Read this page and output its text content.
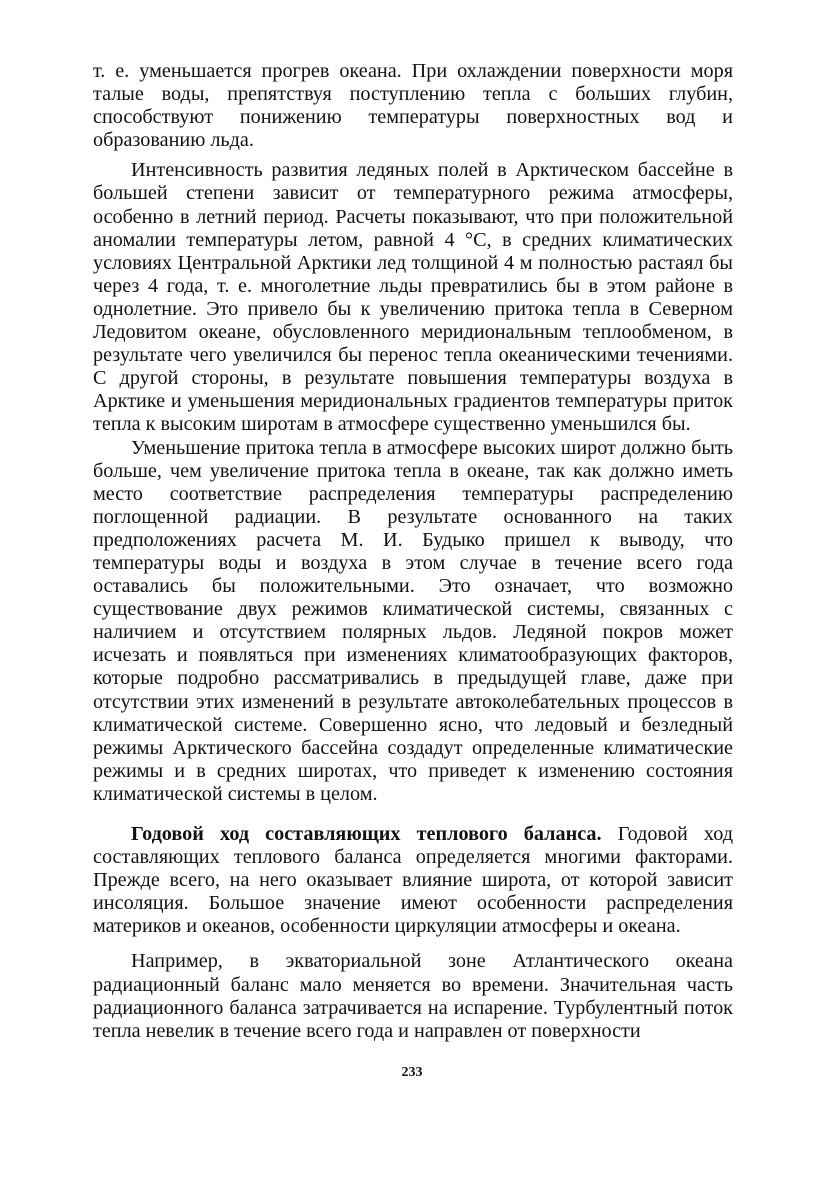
т. е. уменьшается прогрев океана. При охлаждении поверхности моря талые воды, препятствуя поступлению тепла с больших глубин, способствуют понижению температуры поверхностных вод и образованию льда.

Интенсивность развития ледяных полей в Арктическом бассейне в большей степени зависит от температурного режима атмосферы, особенно в летний период. Расчеты показывают, что при положительной аномалии температуры летом, равной 4 °С, в средних климатических условиях Центральной Арктики лед толщиной 4 м полностью растаял бы через 4 года, т. е. многолетние льды превратились бы в этом районе в однолетние. Это привело бы к увеличению притока тепла в Северном Ледовитом океане, обусловленного меридиональным теплообменом, в результате чего увеличился бы перенос тепла океаническими течениями. С другой стороны, в результате повышения температуры воздуха в Арктике и уменьшения меридиональных градиентов температуры приток тепла к высоким широтам в атмосфере существенно уменьшился бы.

Уменьшение притока тепла в атмосфере высоких широт должно быть больше, чем увеличение притока тепла в океане, так как должно иметь место соответствие распределения температуры распределению поглощенной радиации. В результате основанного на таких предположениях расчета М. И. Будыко пришел к выводу, что температуры воды и воздуха в этом случае в течение всего года оставались бы положительными. Это означает, что возможно существование двух режимов климатической системы, связанных с наличием и отсутствием полярных льдов. Ледяной покров может исчезать и появляться при изменениях климатообразующих факторов, которые подробно рассматривались в предыдущей главе, даже при отсутствии этих изменений в результате автоколебательных процессов в климатической системе. Совершенно ясно, что ледовый и безледный режимы Арктического бассейна создадут определенные климатические режимы и в средних широтах, что приведет к изменению состояния климатической системы в целом.

Годовой ход составляющих теплового баланса. Годовой ход составляющих теплового баланса определяется многими факторами. Прежде всего, на него оказывает влияние широта, от которой зависит инсоляция. Большое значение имеют особенности распределения материков и океанов, особенности циркуляции атмосферы и океана.

Например, в экваториальной зоне Атлантического океана радиационный баланс мало меняется во времени. Значительная часть радиационного баланса затрачивается на испарение. Турбулентный поток тепла невелик в течение всего года и направлен от поверхности

233
